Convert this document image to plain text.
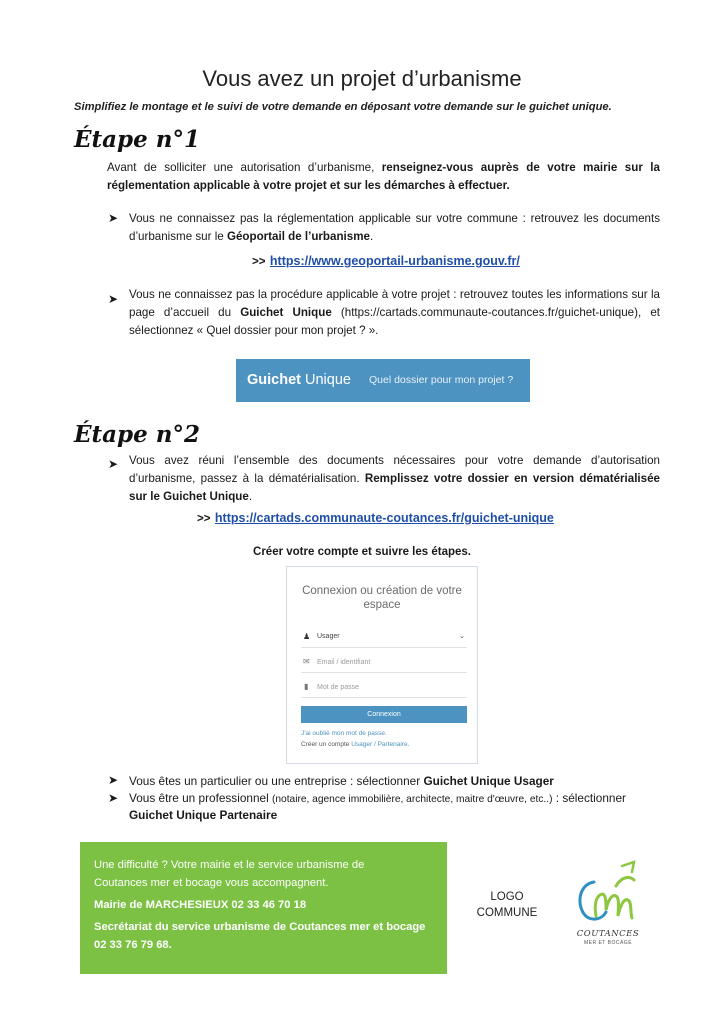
Vous avez un projet d’urbanisme
Simplifiez le montage et le suivi de votre demande en déposant votre demande sur le guichet unique.
Étape n°1
Avant de solliciter une autorisation d’urbanisme, renseignez-vous auprès de votre mairie sur la réglementation applicable à votre projet et sur les démarches à effectuer.
➤ Vous ne connaissez pas la réglementation applicable sur votre commune : retrouvez les documents d’urbanisme sur le Géoportail de l’urbanisme.
>> https://www.geoportail-urbanisme.gouv.fr/
➤ Vous ne connaissez pas la procédure applicable à votre projet : retrouvez toutes les informations sur la page d’accueil du Guichet Unique (https://cartads.communaute-coutances.fr/guichet-unique), et sélectionnez « Quel dossier pour mon projet ? ».
Guichet Unique Quel dossier pour mon projet ?
Étape n°2
➤ Vous avez réuni l’ensemble des documents nécessaires pour votre demande d’autorisation d’urbanisme, passez à la dématérialisation. Remplissez votre dossier en version dématérialisée sur le Guichet Unique.
>> https://cartads.communaute-coutances.fr/guichet-unique
Créer votre compte et suivre les étapes.
Connexion ou création de votre espace
♟ Usager	⌄
✉ Email / identifiant
▮ Mot de passe
Connexion
J'ai oublié mon mot de passe.
Créer un compte Usager / Partenaire.
➤ Vous êtes un particulier ou une entreprise : sélectionner Guichet Unique Usager
➤ Vous être un professionnel (notaire, agence immobilière, architecte, maitre d'œuvre, etc..) : sélectionner
Guichet Unique Partenaire
Une difficulté ? Votre mairie et le service urbanisme de
Coutances mer et bocage vous accompagnent.
Mairie de MARCHESIEUX 02 33 46 70 18
Secrétariat du service urbanisme de Coutances mer et bocage
02 33 76 79 68.
LOGO
COMMUNE
COUTANCES
MER ET BOCAGE
